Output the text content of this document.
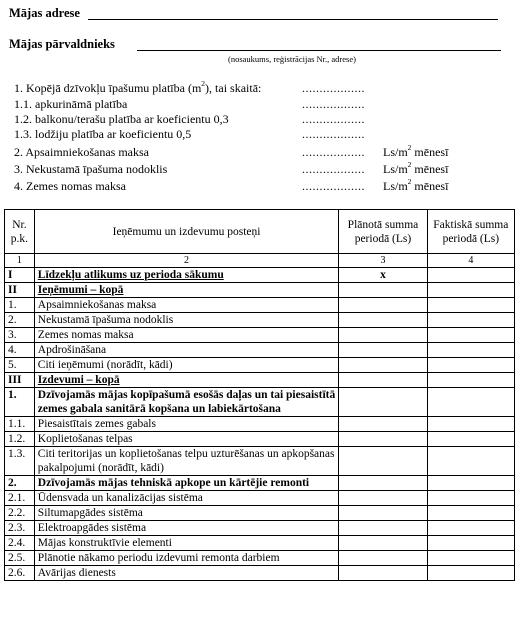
Mājas adrese
Mājas pārvaldnieks
(nosaukums, reģistrācijas Nr., adrese)
1. Kopējā dzīvokļu īpašumu platība $(m^2)$, tai skaitā:	..................
1.1. apkurināmā platība	..................
1.2. balkonu/terašu platība ar koeficientu 0,3	..................
1.3. lodžiju platība ar koeficientu 0,5	..................
2. Apsaimniekošanas maksa	.................. $Ls/m^2$ mēnesī
3. Nekustamā īpašuma nodoklis	.................. $Ls/m^2$ mēnesī
4. Zemes nomas maksa	.................. $Ls/m^2$ mēnesī
Nr. p.k.	Ieņēmumu un izdevumu posteņi	Plānotā summa periodā (Ls)	Faktiskā summa periodā (Ls)
1	2	3	4
I	Līdzekļu atlikums uz perioda sākumu	x	
II	Ieņēmumi – kopā		
1.	Apsaimniekošanas maksa		
2.	Nekustamā īpašuma nodoklis		
3.	Zemes nomas maksa		
4.	Apdrošināšana		
5.	Citi ieņēmumi (norādīt, kādi)		
III	Izdevumi – kopā		
1.	Dzīvojamās mājas kopīpašumā esošās daļas un tai piesaistītā zemes gabala sanitārā kopšana un labiekārtošana		
1.1.	Piesaistītais zemes gabals		
1.2.	Koplietošanas telpas		
1.3.	Citi teritorijas un koplietošanas telpu uzturēšanas un apkopšanas pakalpojumi (norādīt, kādi)		
2.	Dzīvojamās mājas tehniskā apkope un kārtējie remonti		
2.1.	Ūdensvada un kanalizācijas sistēma		
2.2.	Siltumapgādes sistēma		
2.3.	Elektroapgādes sistēma		
2.4.	Mājas konstruktīvie elementi		
2.5.	Plānotie nākamo periodu izdevumi remonta darbiem		
2.6.	Avārijas dienests		
